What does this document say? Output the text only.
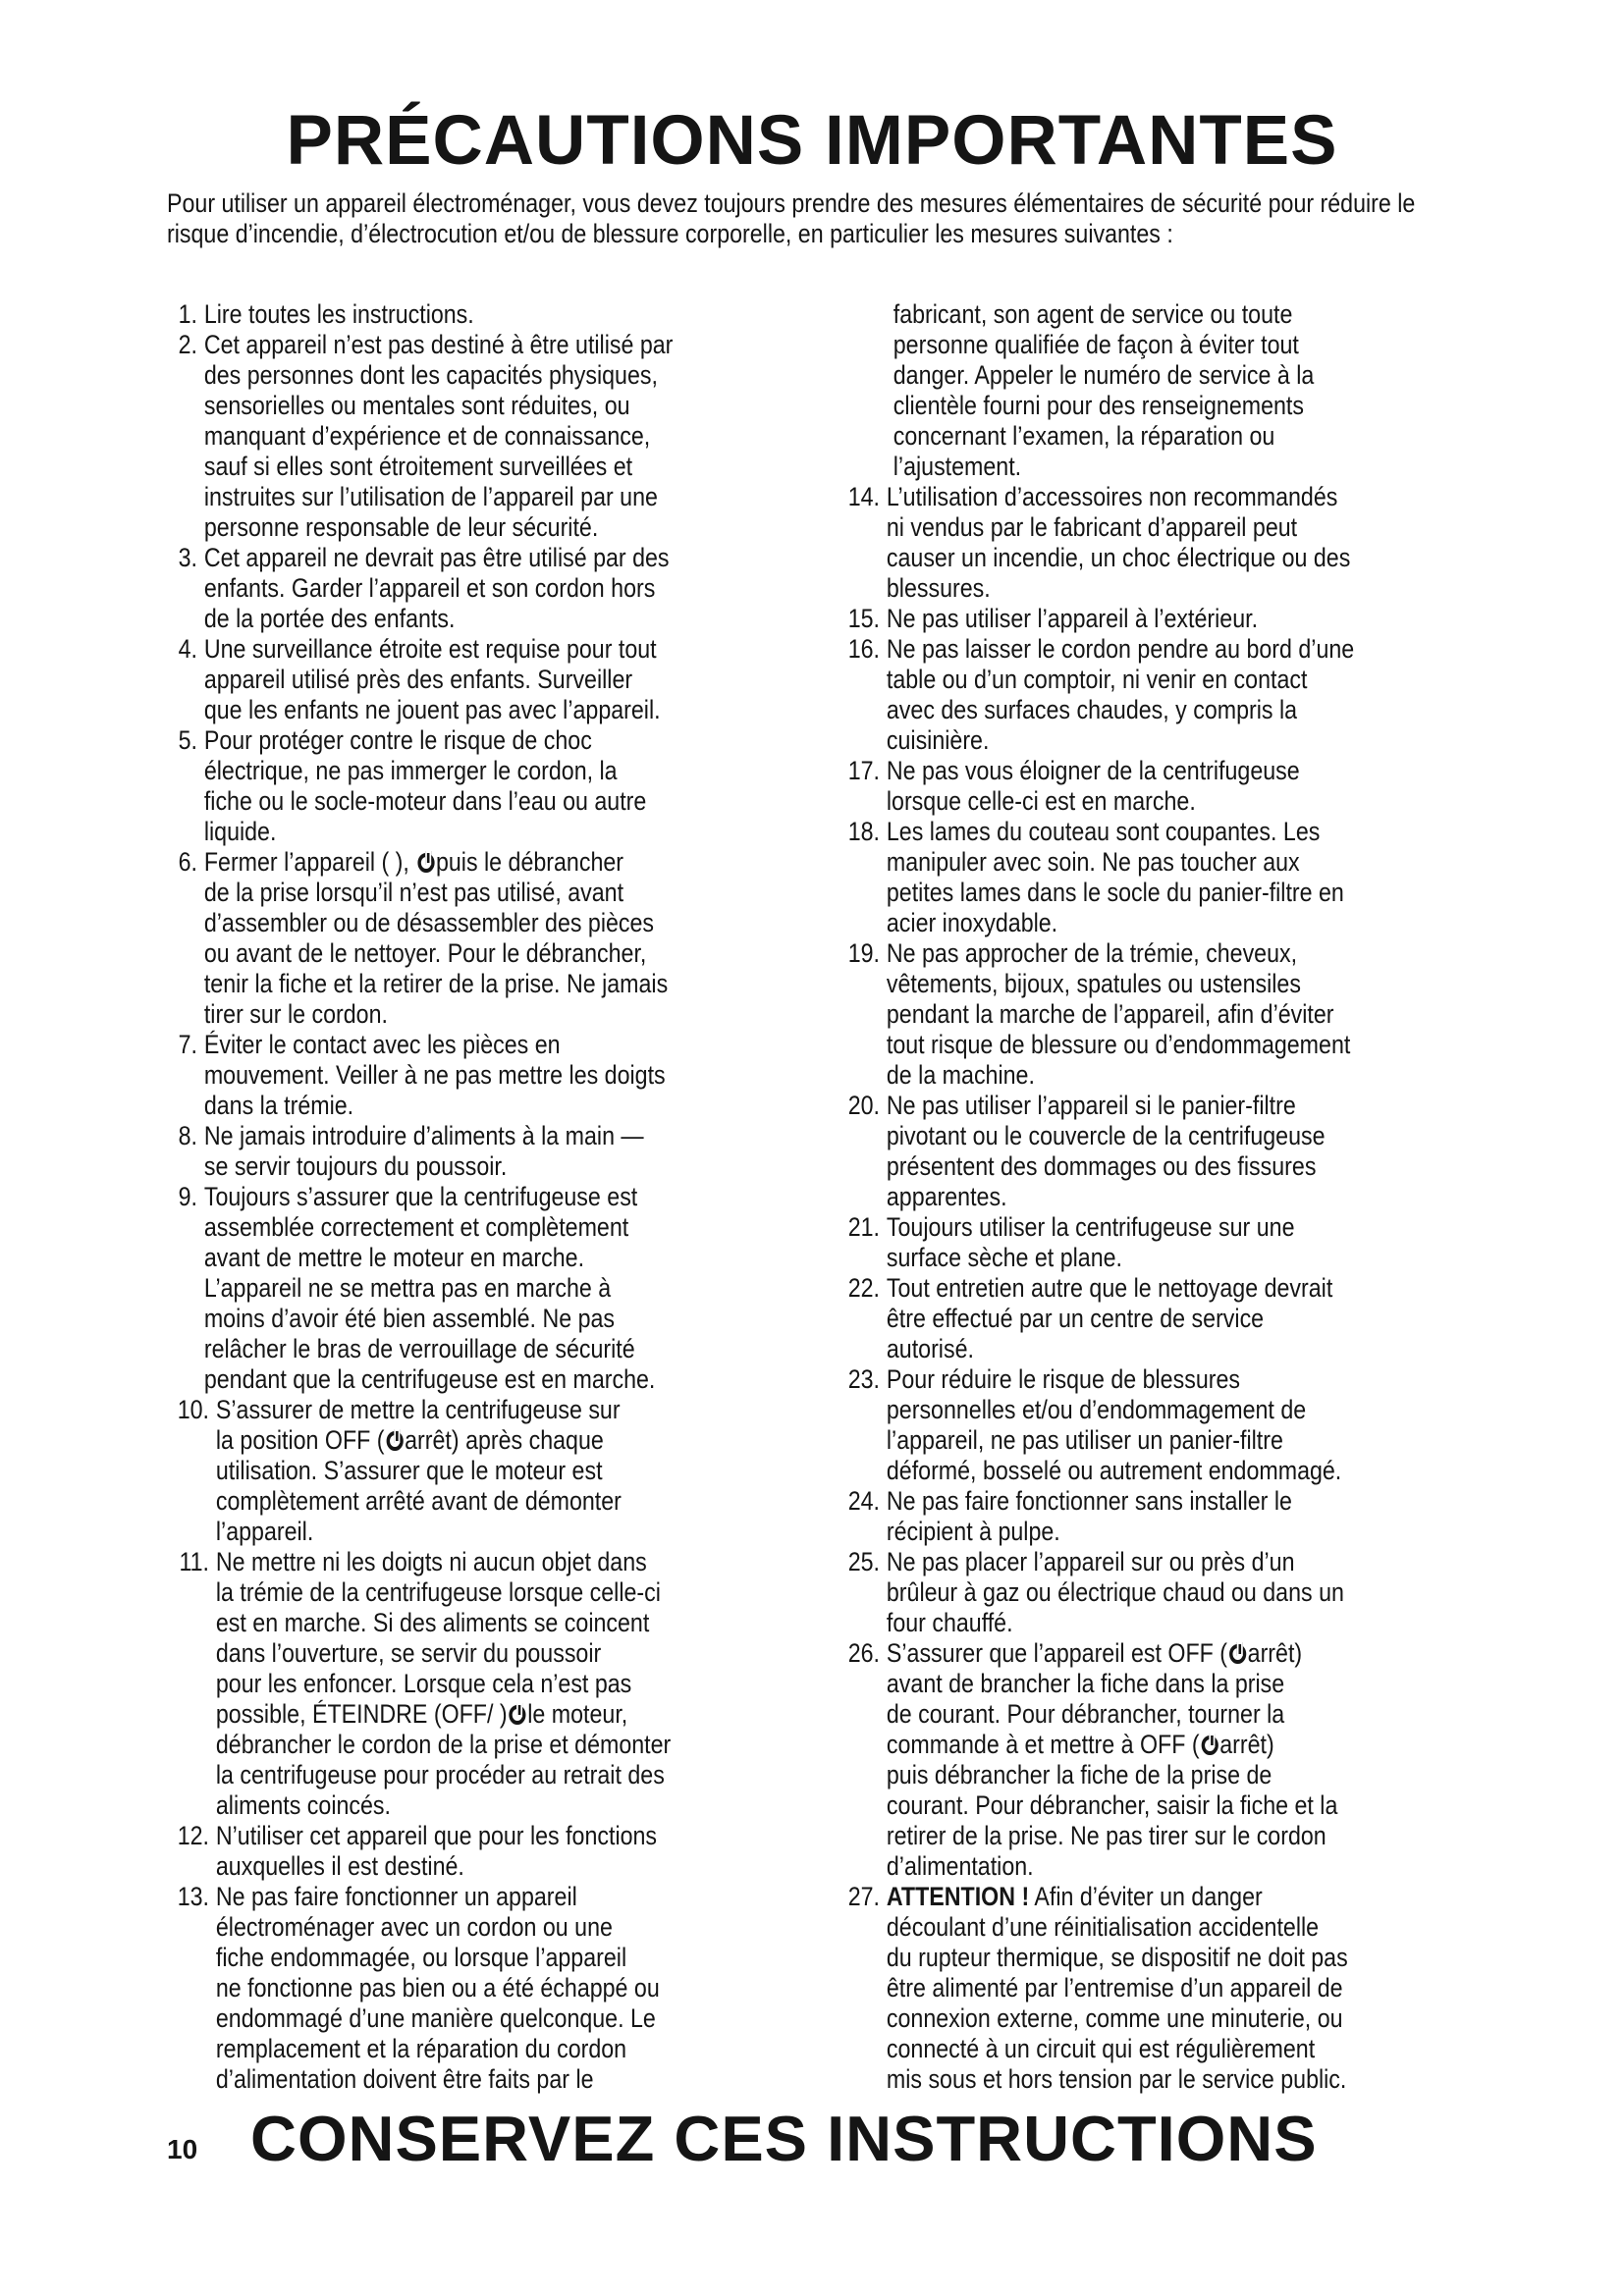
PRÉCAUTIONS IMPORTANTES

Pour utiliser un appareil électroménager, vous devez toujours prendre des mesures élémentaires de sécurité pour réduire le risque d’incendie, d’électrocution et/ou de blessure corporelle, en particulier les mesures suivantes :

1. Lire toutes les instructions.
2. Cet appareil n’est pas destiné à être utilisé par
des personnes dont les capacités physiques,
sensorielles ou mentales sont réduites, ou
manquant d’expérience et de connaissance,
sauf si elles sont étroitement surveillées et
instruites sur l’utilisation de l’appareil par une
personne responsable de leur sécurité.
3. Cet appareil ne devrait pas être utilisé par des
enfants. Garder l’appareil et son cordon hors
de la portée des enfants.
4. Une surveillance étroite est requise pour tout
appareil utilisé près des enfants. Surveiller
que les enfants ne jouent pas avec l’appareil.
5. Pour protéger contre le risque de choc
électrique, ne pas immerger le cordon, la
fiche ou le socle-moteur dans l’eau ou autre
liquide.
6. Fermer l’appareil ( ), puis le débrancher
de la prise lorsqu’il n’est pas utilisé, avant
d’assembler ou de désassembler des pièces
ou avant de le nettoyer. Pour le débrancher,
tenir la fiche et la retirer de la prise. Ne jamais
tirer sur le cordon.
7. Éviter le contact avec les pièces en
mouvement. Veiller à ne pas mettre les doigts
dans la trémie.
8. Ne jamais introduire d’aliments à la main —
se servir toujours du poussoir.
9. Toujours s’assurer que la centrifugeuse est
assemblée correctement et complètement
avant de mettre le moteur en marche.
L’appareil ne se mettra pas en marche à
moins d’avoir été bien assemblé. Ne pas
relâcher le bras de verrouillage de sécurité
pendant que la centrifugeuse est en marche.
10. S’assurer de mettre la centrifugeuse sur
la position OFF ( arrêt) après chaque
utilisation. S’assurer que le moteur est
complètement arrêté avant de démonter
l’appareil.
11. Ne mettre ni les doigts ni aucun objet dans
la trémie de la centrifugeuse lorsque celle-ci
est en marche. Si des aliments se coincent
dans l’ouverture, se servir du poussoir
pour les enfoncer. Lorsque cela n’est pas
possible, ÉTEINDRE (OFF/ ) le moteur,
débrancher le cordon de la prise et démonter
la centrifugeuse pour procéder au retrait des
aliments coincés.
12. N’utiliser cet appareil que pour les fonctions
auxquelles il est destiné.
13. Ne pas faire fonctionner un appareil
électroménager avec un cordon ou une
fiche endommagée, ou lorsque l’appareil
ne fonctionne pas bien ou a été échappé ou
endommagé d’une manière quelconque. Le
remplacement et la réparation du cordon
d’alimentation doivent être faits par le
fabricant, son agent de service ou toute
personne qualifiée de façon à éviter tout
danger. Appeler le numéro de service à la
clientèle fourni pour des renseignements
concernant l’examen, la réparation ou
l’ajustement.
14. L’utilisation d’accessoires non recommandés
ni vendus par le fabricant d’appareil peut
causer un incendie, un choc électrique ou des
blessures.
15. Ne pas utiliser l’appareil à l’extérieur.
16. Ne pas laisser le cordon pendre au bord d’une
table ou d’un comptoir, ni venir en contact
avec des surfaces chaudes, y compris la
cuisinière.
17. Ne pas vous éloigner de la centrifugeuse
lorsque celle-ci est en marche.
18. Les lames du couteau sont coupantes. Les
manipuler avec soin. Ne pas toucher aux
petites lames dans le socle du panier-filtre en
acier inoxydable.
19. Ne pas approcher de la trémie, cheveux,
vêtements, bijoux, spatules ou ustensiles
pendant la marche de l’appareil, afin d’éviter
tout risque de blessure ou d’endommagement
de la machine.
20. Ne pas utiliser l’appareil si le panier-filtre
pivotant ou le couvercle de la centrifugeuse
présentent des dommages ou des fissures
apparentes.
21. Toujours utiliser la centrifugeuse sur une
surface sèche et plane.
22. Tout entretien autre que le nettoyage devrait
être effectué par un centre de service
autorisé.
23. Pour réduire le risque de blessures
personnelles et/ou d’endommagement de
l’appareil, ne pas utiliser un panier-filtre
déformé, bosselé ou autrement endommagé.
24. Ne pas faire fonctionner sans installer le
récipient à pulpe.
25. Ne pas placer l’appareil sur ou près d’un
brûleur à gaz ou électrique chaud ou dans un
four chauffé.
26. S’assurer que l’appareil est OFF ( arrêt)
avant de brancher la fiche dans la prise
de courant. Pour débrancher, tourner la
commande à et mettre à OFF ( arrêt)
puis débrancher la fiche de la prise de
courant. Pour débrancher, saisir la fiche et la
retirer de la prise. Ne pas tirer sur le cordon
d’alimentation.
27. ATTENTION ! Afin d’éviter un danger
découlant d’une réinitialisation accidentelle
du rupteur thermique, se dispositif ne doit pas
être alimenté par l’entremise d’un appareil de
connexion externe, comme une minuterie, ou
connecté à un circuit qui est régulièrement
mis sous et hors tension par le service public.
10 CONSERVEZ CES INSTRUCTIONS
